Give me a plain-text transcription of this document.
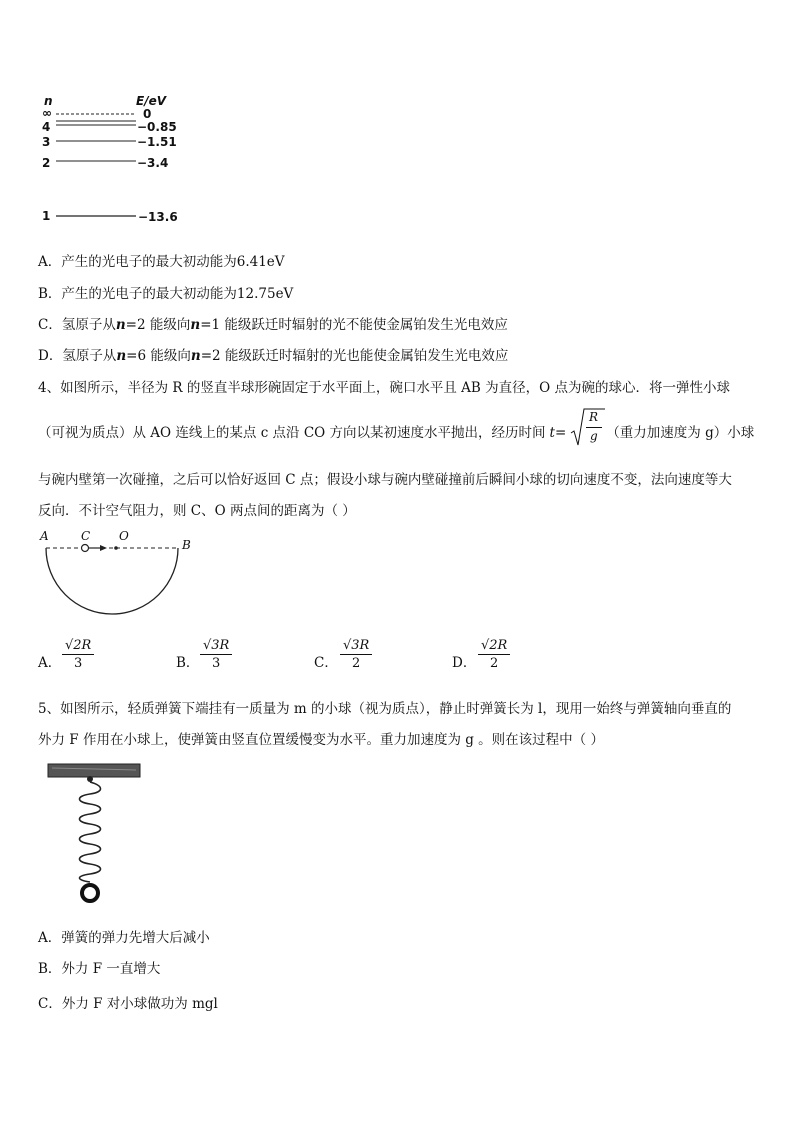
n	E/eV
∞	0
4	−0.85
3	−1.51
2	−3.4
1	−13.6
A．产生的光电子的最大初动能为6.41eV
B．产生的光电子的最大初动能为12.75eV
C．氢原子从n=2 能级向n=1 能级跃迁时辐射的光不能使金属铂发生光电效应
D．氢原子从n=6 能级向n=2 能级跃迁时辐射的光也能使金属铂发生光电效应
4、如图所示，半径为 R 的竖直半球形碗固定于水平面上，碗口水平且 AB 为直径，O 点为碗的球心．将一弹性小球
（可视为质点）从 AO 连线上的某点 c 点沿 CO 方向以某初速度水平抛出，经历时间 t=	（重力加速度为 g）小球
R
g
与碗内壁第一次碰撞，之后可以恰好返回 C 点；假设小球与碗内壁碰撞前后瞬间小球的切向速度不变，法向速度等大
反向．不计空气阻力，则 C、O 两点间的距离为（ ）
A	C O
B
A． $\frac{√2R}{3}$	B． $\frac{√3R}{3}$	C． $\frac{√3R}{2}$	D． $\frac{√2R}{2}$
5、如图所示，轻质弹簧下端挂有一质量为 m 的小球（视为质点），静止时弹簧长为 l，现用一始终与弹簧轴向垂直的
外力 F 作用在小球上，使弹簧由竖直位置缓慢变为水平。重力加速度为 g 。则在该过程中（ ）
A．弹簧的弹力先增大后减小
B．外力 F 一直增大
C．外力 F 对小球做功为 mgl
